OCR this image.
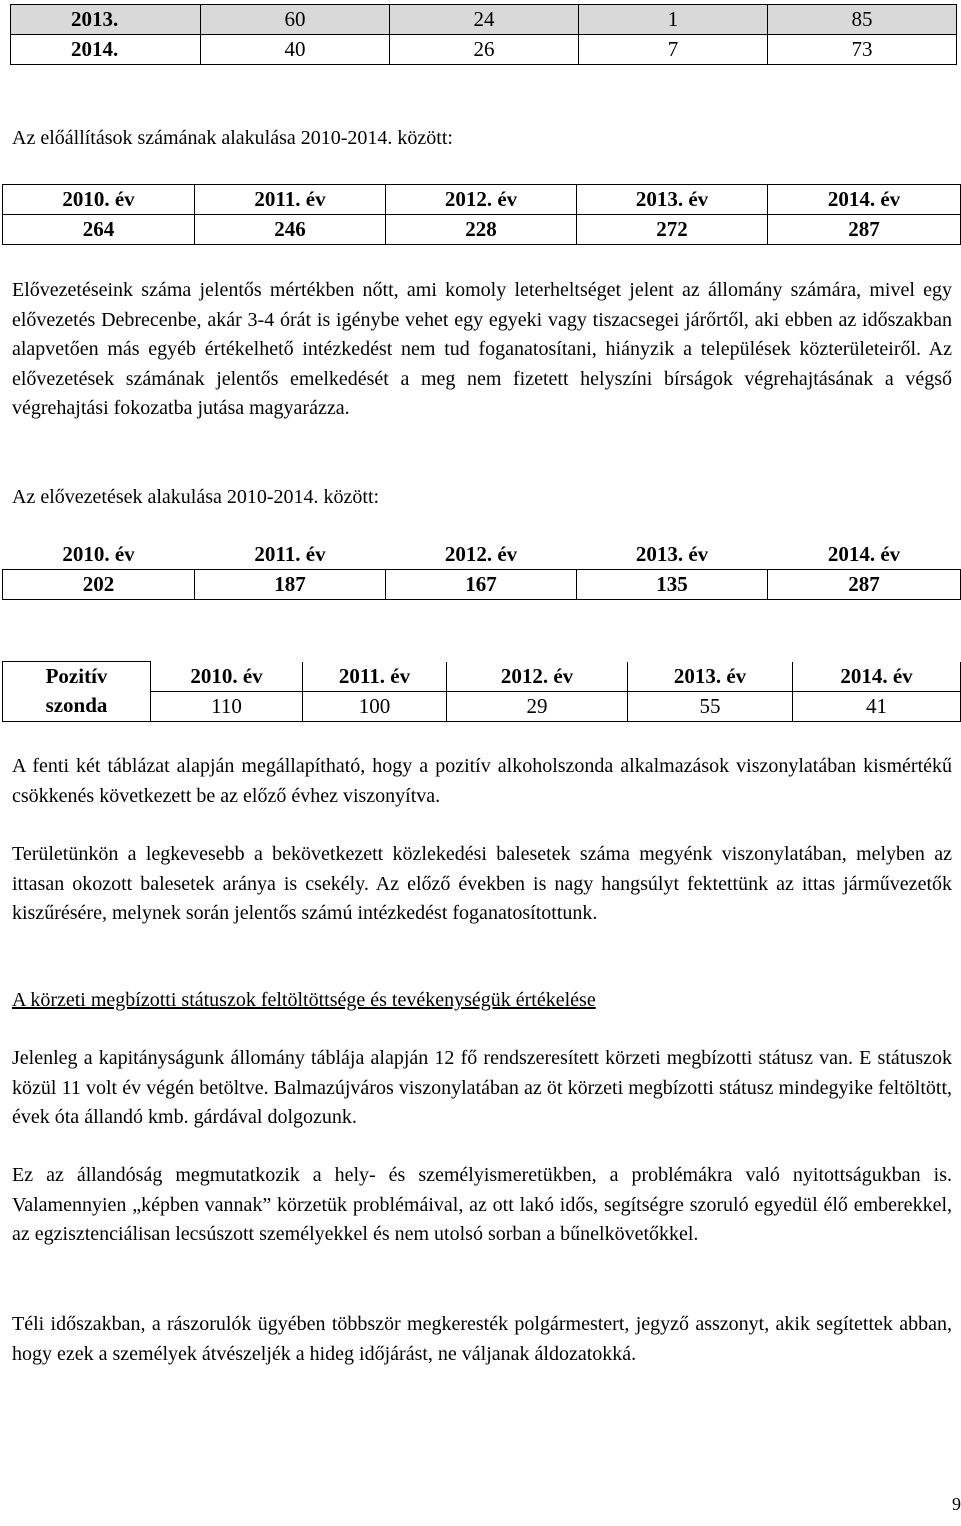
2013.	60	24	1	85
2014.	40	26	7	73
Az előállítások számának alakulása 2010-2014. között:
2010. év	2011. év	2012. év	2013. év	2014. év
264	246	228	272	287
Elővezetéseink száma jelentős mértékben nőtt, ami komoly leterheltséget jelent az állomány számára, mivel egy elővezetés Debrecenbe, akár 3-4 órát is igénybe vehet egy egyeki vagy tiszacsegei járőrtől, aki ebben az időszakban alapvetően más egyéb értékelhető intézkedést nem tud foganatosítani, hiányzik a települések közterületeiről. Az elővezetések számának jelentős emelkedését a meg nem fizetett helyszíni bírságok végrehajtásának a végső végrehajtási fokozatba jutása magyarázza.
Az elővezetések alakulása 2010-2014. között:
2010. év	2011. év	2012. év	2013. év	2014. év
202	187	167	135	287
Pozitív	2010. év	2011. év	2012. év	2013. év	2014. év
szonda	110	100	29	55	41
A fenti két táblázat alapján megállapítható, hogy a pozitív alkoholszonda alkalmazások viszonylatában kismértékű csökkenés következett be az előző évhez viszonyítva.
Területünkön a legkevesebb a bekövetkezett közlekedési balesetek száma megyénk viszonylatában, melyben az ittasan okozott balesetek aránya is csekély. Az előző években is nagy hangsúlyt fektettünk az ittas járművezetők kiszűrésére, melynek során jelentős számú intézkedést foganatosítottunk.
A körzeti megbízotti státuszok feltöltöttsége és tevékenységük értékelése
Jelenleg a kapitányságunk állomány táblája alapján 12 fő rendszeresített körzeti megbízotti státusz van. E státuszok közül 11 volt év végén betöltve. Balmazújváros viszonylatában az öt körzeti megbízotti státusz mindegyike feltöltött, évek óta állandó kmb. gárdával dolgozunk.
Ez az állandóság megmutatkozik a hely- és személyismeretükben, a problémákra való nyitottságukban is. Valamennyien „képben vannak” körzetük problémáival, az ott lakó idős, segítségre szoruló egyedül élő emberekkel, az egzisztenciálisan lecsúszott személyekkel és nem utolsó sorban a bűnelkövetőkkel.
Téli időszakban, a rászorulók ügyében többször megkeresték polgármestert, jegyző asszonyt, akik segítettek abban, hogy ezek a személyek átvészeljék a hideg időjárást, ne váljanak áldozatokká.
9
